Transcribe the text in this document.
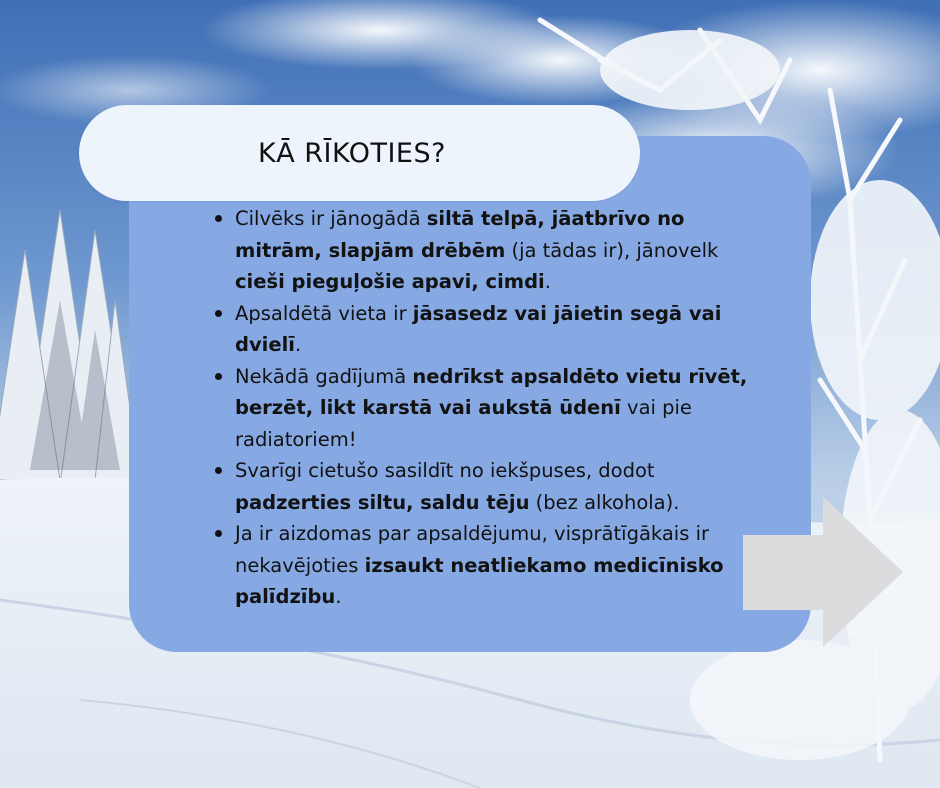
Cilvēks ir jānogādā siltā telpā, jāatbrīvo no mitrām, slapjām drēbēm (ja tādas ir), jānovelk cieši pieguļošie apavi, cimdi.
Apsaldētā vieta ir jāsasedz vai jāietin segā vai dvielī.
Nekādā gadījumā nedrīkst apsaldēto vietu rīvēt, berzēt, likt karstā vai aukstā ūdenī vai pie radiatoriem!
Svarīgi cietušo sasildīt no iekšpuses, dodot padzerties siltu, saldu tēju (bez alkohola).
Ja ir aizdomas par apsaldējumu, visprātīgākais ir nekavējoties izsaukt neatliekamo medicīnisko palīdzību.
KĀ RĪKOTIES?
